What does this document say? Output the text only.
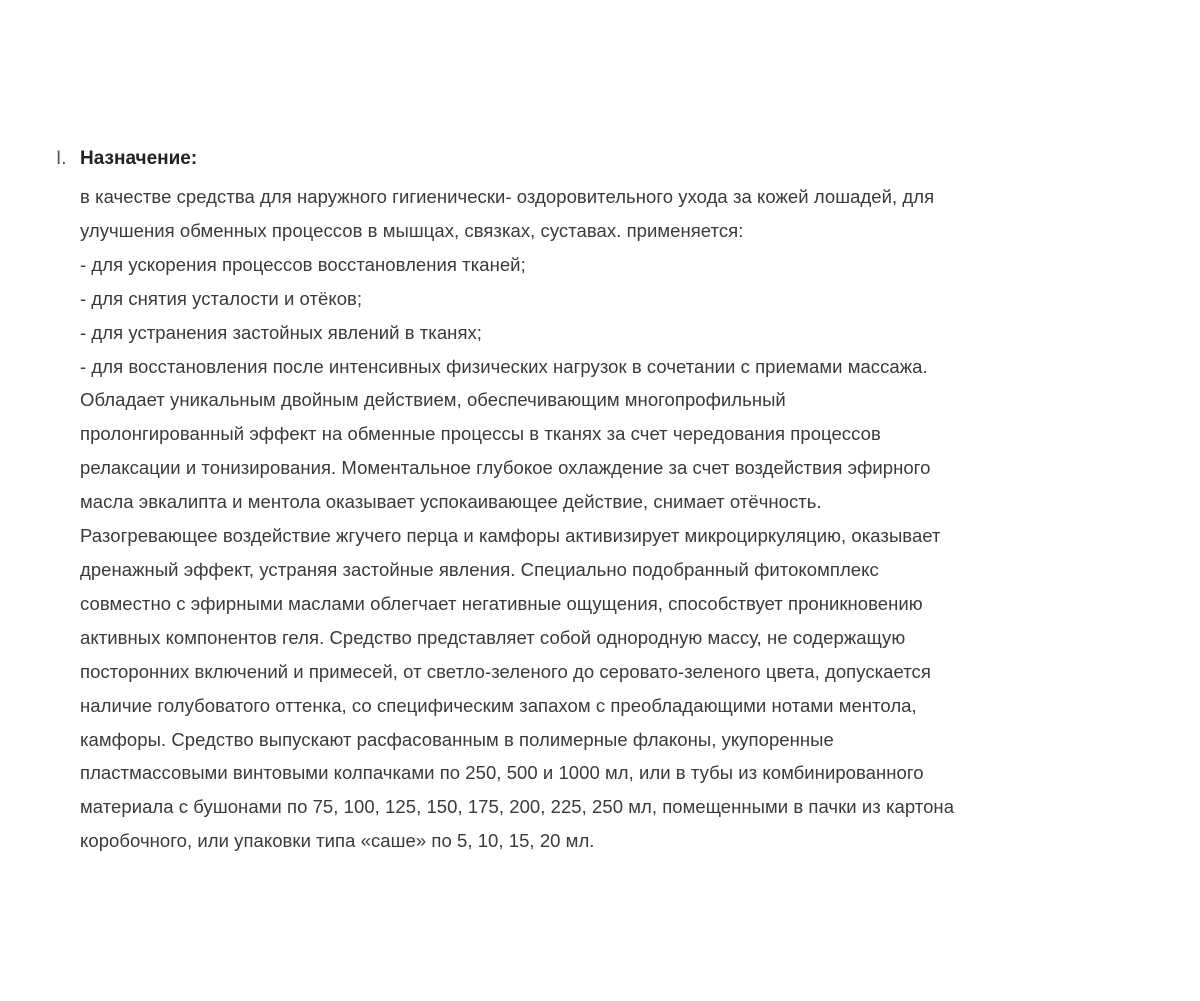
I. Назначение:
в качестве средства для наружного гигиенически- оздоровительного ухода за кожей лошадей, для
улучшения обменных процессов в мышцах, связках, суставах. применяется:
- для ускорения процессов восстановления тканей;
- для снятия усталости и отёков;
- для устранения застойных явлений в тканях;
- для восстановления после интенсивных физических нагрузок в сочетании с приемами массажа.
Обладает уникальным двойным действием, обеспечивающим многопрофильный
пролонгированный эффект на обменные процессы в тканях за счет чередования процессов
релаксации и тонизирования. Моментальное глубокое охлаждение за счет воздействия эфирного
масла эвкалипта и ментола оказывает успокаивающее действие, снимает отёчность.
Разогревающее воздействие жгучего перца и камфоры активизирует микроциркуляцию, оказывает
дренажный эффект, устраняя застойные явления. Специально подобранный фитокомплекс
совместно с эфирными маслами облегчает негативные ощущения, способствует проникновению
активных компонентов геля. Средство представляет собой однородную массу, не содержащую
посторонних включений и примесей, от светло-зеленого до серовато-зеленого цвета, допускается
наличие голубоватого оттенка, со специфическим запахом с преобладающими нотами ментола,
камфоры. Средство выпускают расфасованным в полимерные флаконы, укупоренные
пластмассовыми винтовыми колпачками по 250, 500 и 1000 мл, или в тубы из комбинированного
материала с бушонами по 75, 100, 125, 150, 175, 200, 225, 250 мл, помещенными в пачки из картона
коробочного, или упаковки типа «саше» по 5, 10, 15, 20 мл.
